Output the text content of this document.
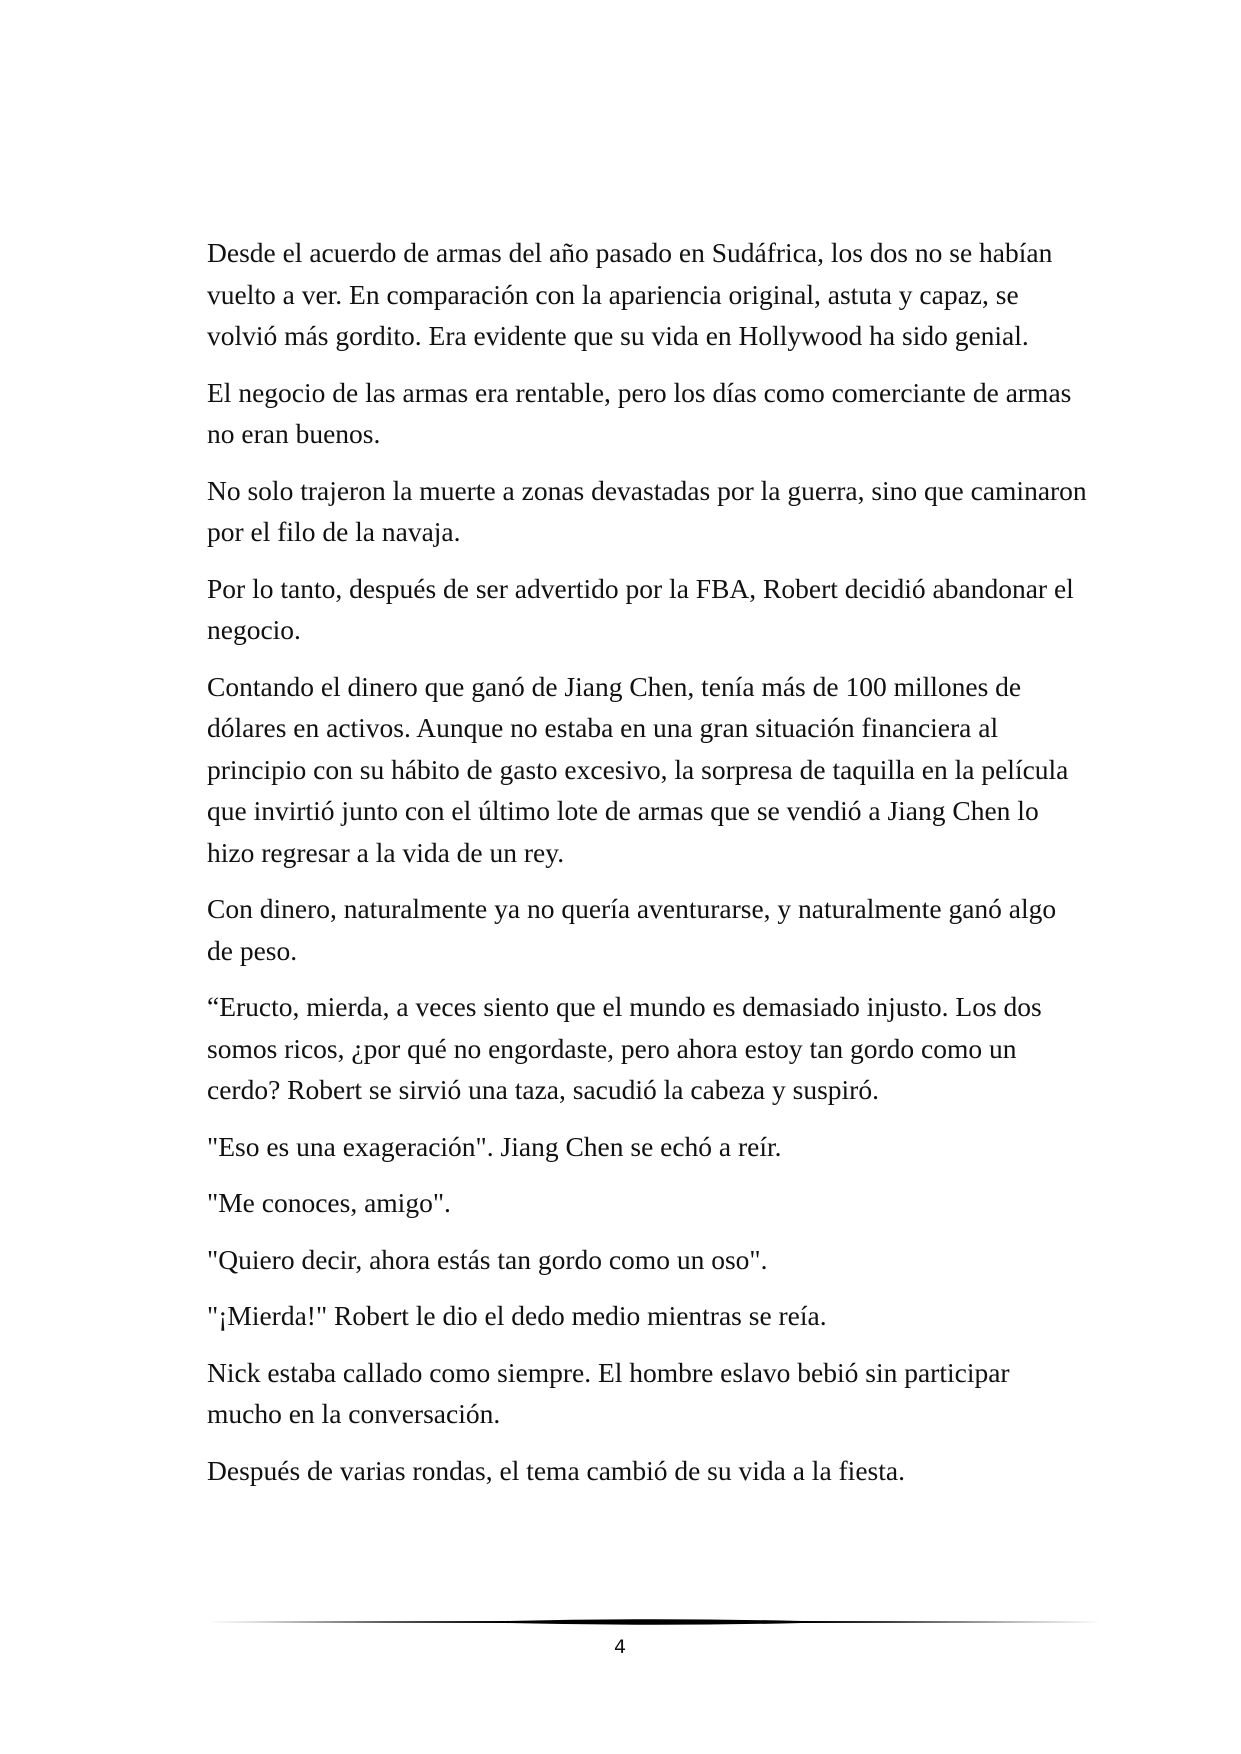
Desde el acuerdo de armas del año pasado en Sudáfrica, los dos no se habían vuelto a ver. En comparación con la apariencia original, astuta y capaz, se volvió más gordito. Era evidente que su vida en Hollywood ha sido genial.

El negocio de las armas era rentable, pero los días como comerciante de armas no eran buenos.

No solo trajeron la muerte a zonas devastadas por la guerra, sino que caminaron por el filo de la navaja.

Por lo tanto, después de ser advertido por la FBA, Robert decidió abandonar el negocio.

Contando el dinero que ganó de Jiang Chen, tenía más de 100 millones de dólares en activos. Aunque no estaba en una gran situación financiera al principio con su hábito de gasto excesivo, la sorpresa de taquilla en la película que invirtió junto con el último lote de armas que se vendió a Jiang Chen lo hizo regresar a la vida de un rey.

Con dinero, naturalmente ya no quería aventurarse, y naturalmente ganó algo de peso.

“Eructo, mierda, a veces siento que el mundo es demasiado injusto. Los dos somos ricos, ¿por qué no engordaste, pero ahora estoy tan gordo como un cerdo? Robert se sirvió una taza, sacudió la cabeza y suspiró.

"Eso es una exageración". Jiang Chen se echó a reír.

"Me conoces, amigo".

"Quiero decir, ahora estás tan gordo como un oso".

"¡Mierda!" Robert le dio el dedo medio mientras se reía.

Nick estaba callado como siempre. El hombre eslavo bebió sin participar mucho en la conversación.

Después de varias rondas, el tema cambió de su vida a la fiesta.

4
